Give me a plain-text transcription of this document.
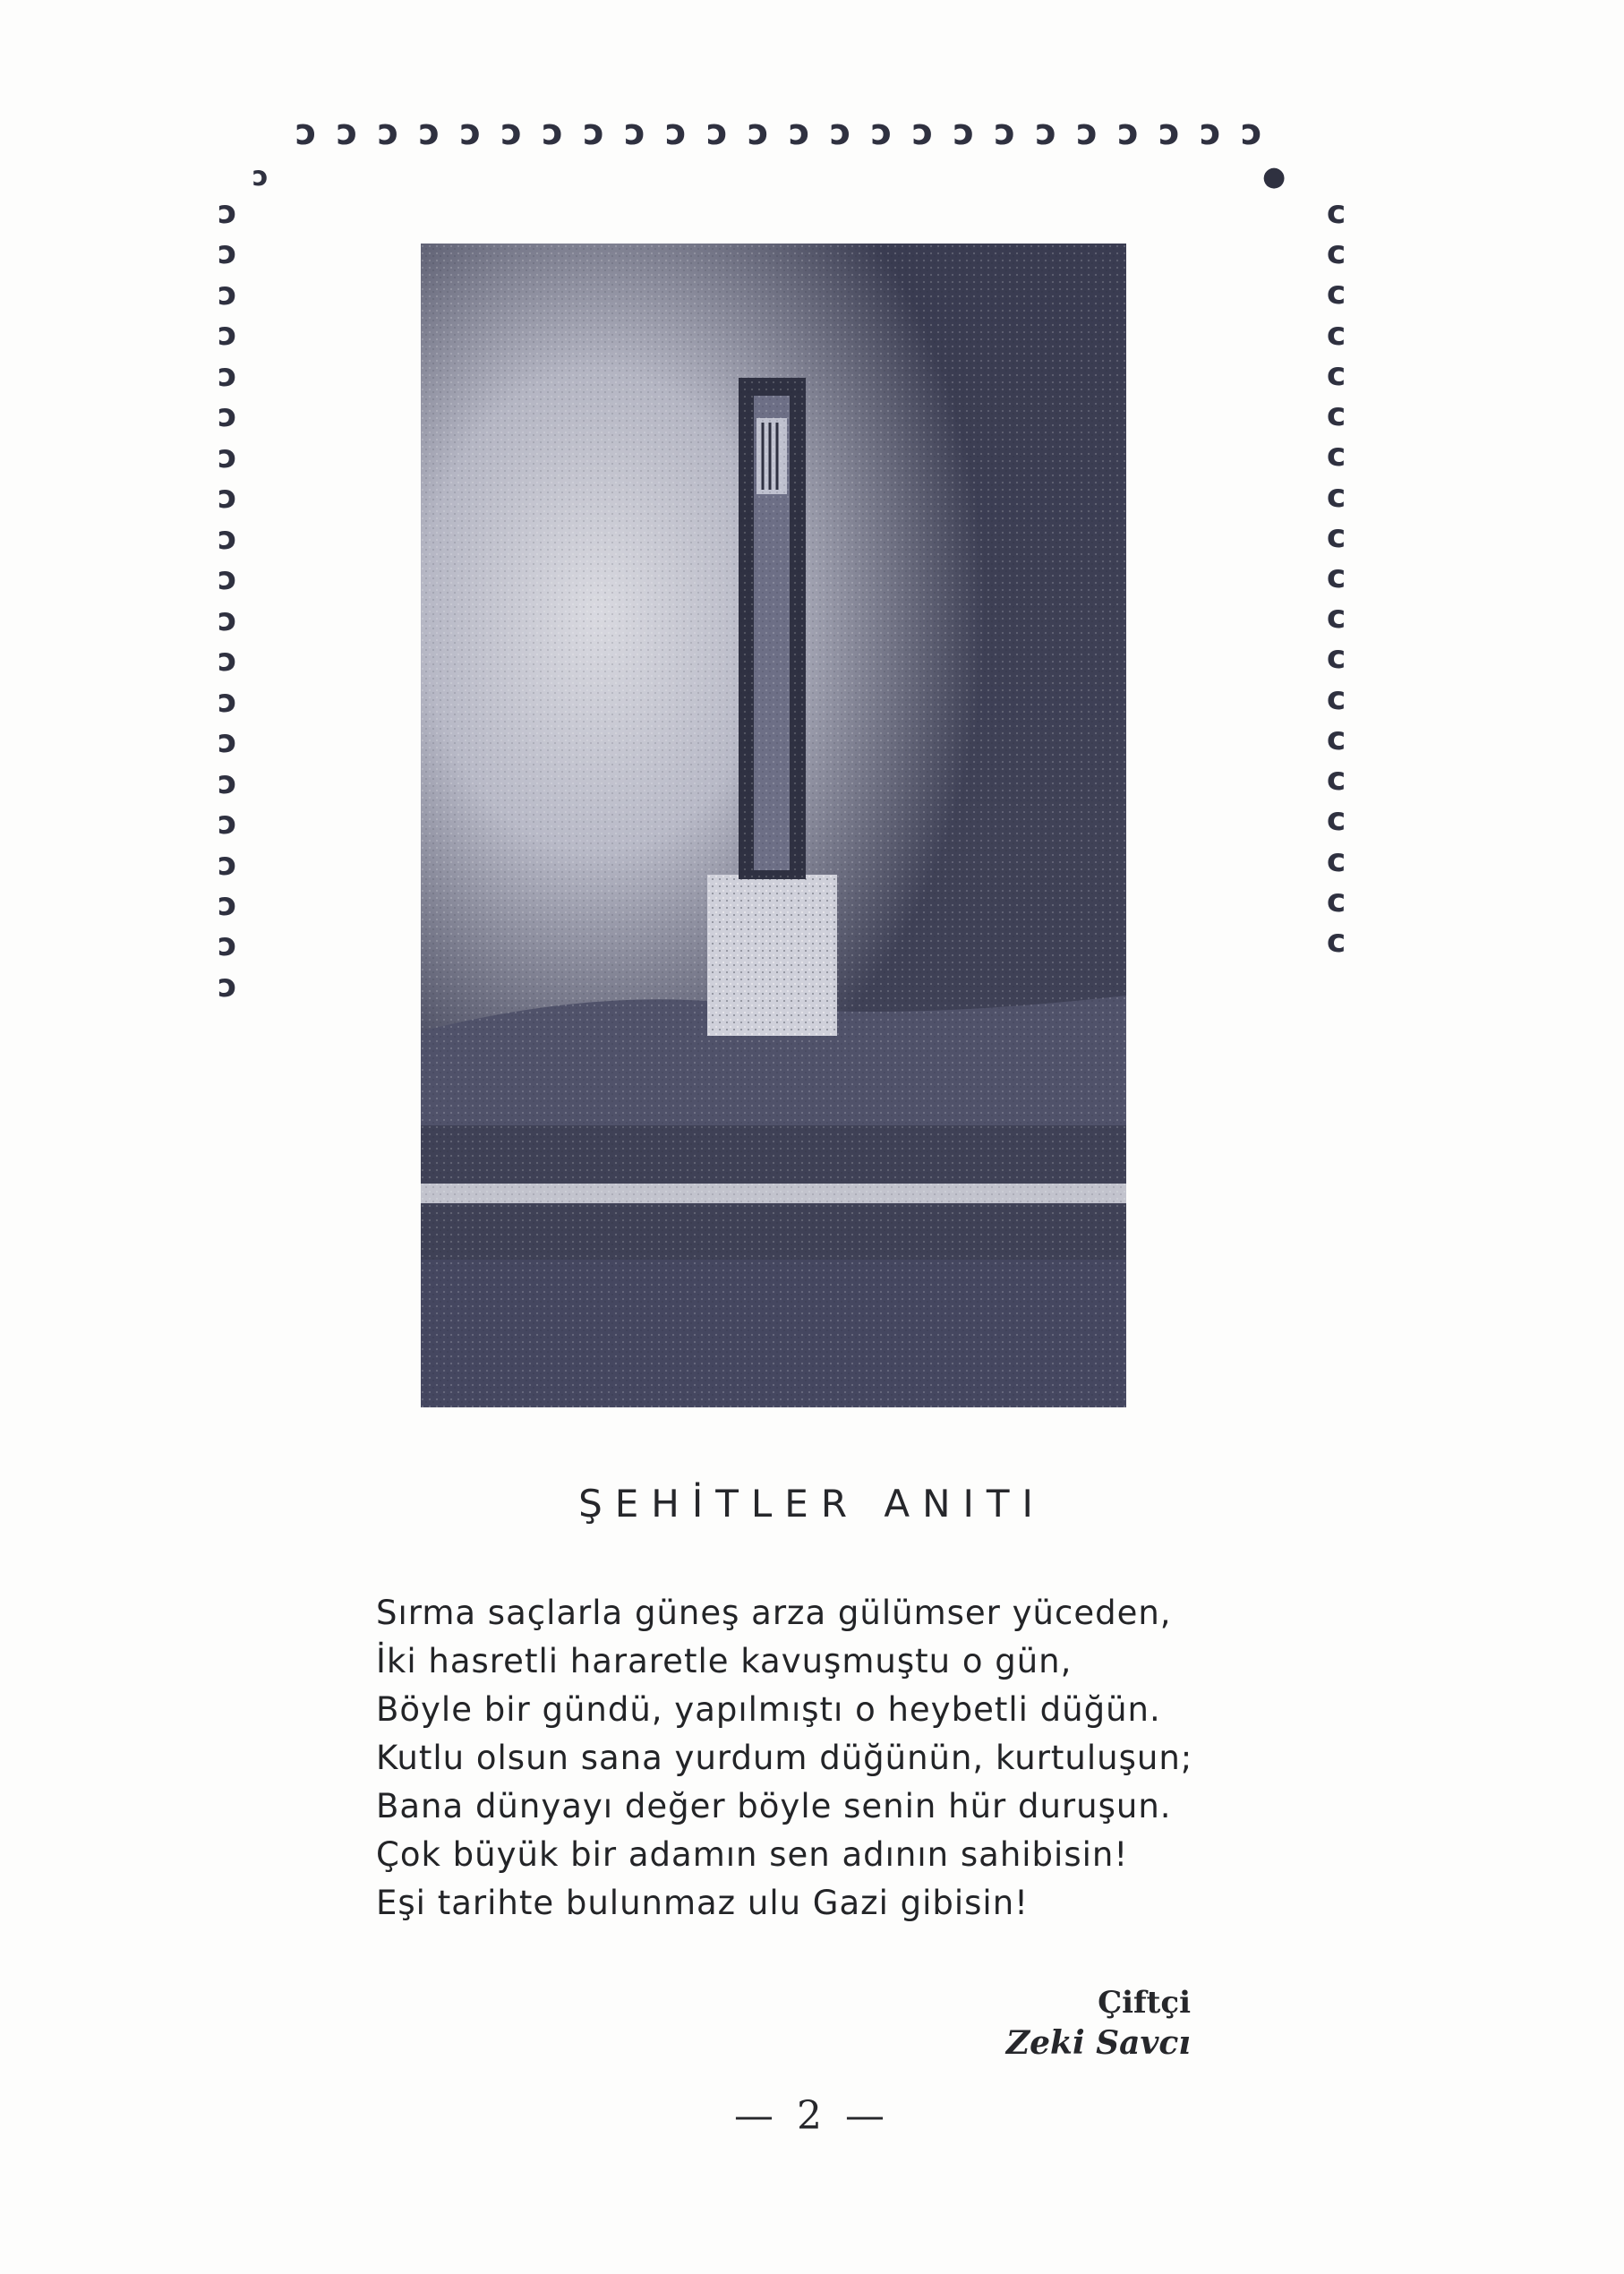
ↄ ↄ ↄ ↄ ↄ ↄ ↄ ↄ ↄ ↄ ↄ ↄ ↄ ↄ ↄ ↄ ↄ ↄ ↄ ↄ ↄ ↄ ↄ ↄ
ↄ	●
ↄ
ↄ
ↄ
ↄ
ↄ
ↄ
ↄ
ↄ
ↄ
ↄ
ↄ
ↄ
ↄ
ↄ
ↄ
ↄ
ↄ
ↄ
ↄ
ↄ
ↄ
ↄ
ↄ
ↄ
ↄ
ↄ
ↄ
ↄ
ↄ
ↄ
ↄ
ↄ
ↄ
ↄ
ↄ
ↄ
ↄ
ↄ
ↄ
ŞEHİTLER ANITI
Sırma saçlarla güneş arza gülümser yüceden,
İki hasretli hararetle kavuşmuştu o gün,
Böyle bir gündü, yapılmıştı o heybetli düğün.
Kutlu olsun sana yurdum düğünün, kurtuluşun;
Bana dünyayı değer böyle senin hür duruşun.
Çok büyük bir adamın sen adının sahibisin!
Eşi tarihte bulunmaz ulu Gazi gibisin!
Çiftçi
Zeki Savcı
— 2 —
